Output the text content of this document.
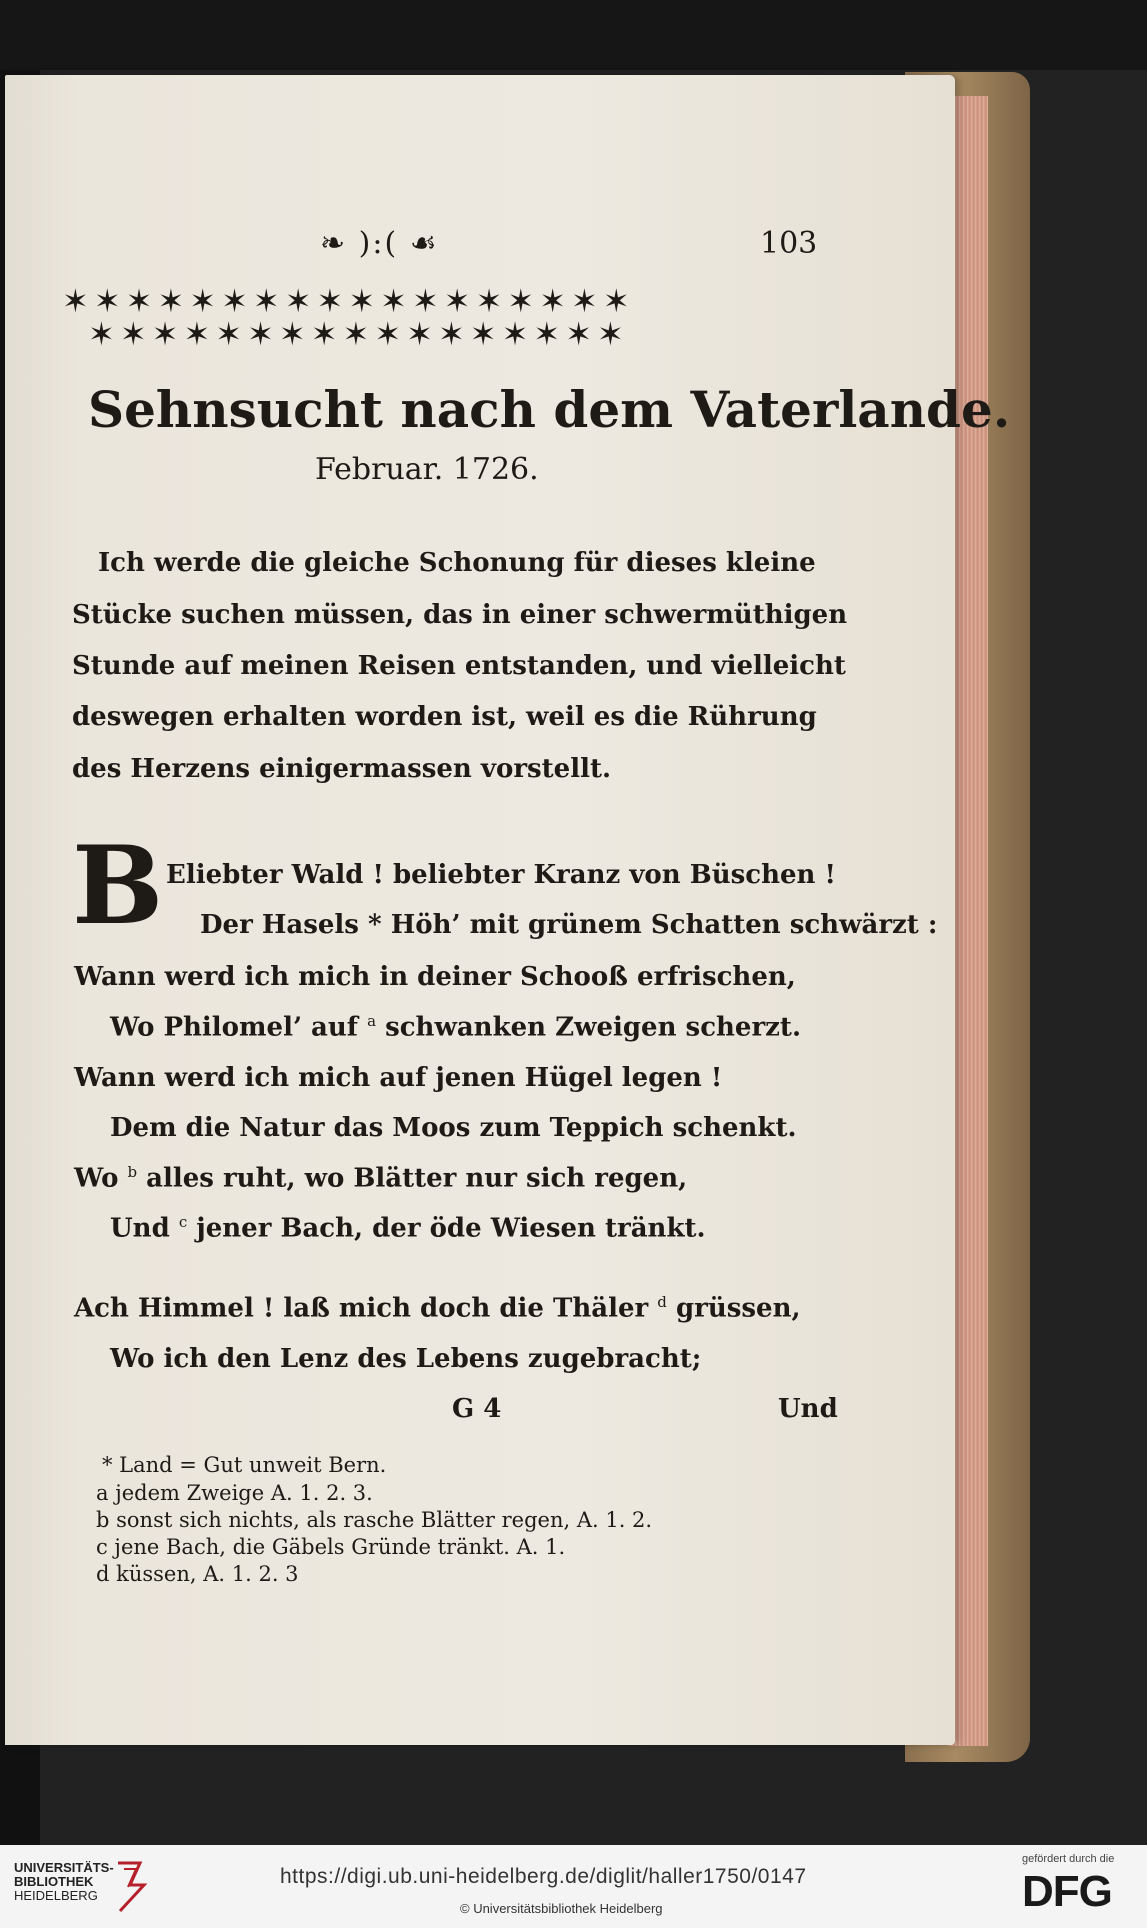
❧ ):( ☙	103
✶✶✶✶✶✶✶✶✶✶✶✶✶✶✶✶✶✶
✶✶✶✶✶✶✶✶✶✶✶✶✶✶✶✶✶
Sehnsucht nach dem Vaterlande.
Februar. 1726.
Ich werde die gleiche Schonung für dieses kleine
Stücke suchen müssen, das in einer schwermüthigen
Stunde auf meinen Reisen entstanden, und vielleicht
deswegen erhalten worden ist, weil es die Rührung
des Herzens einigermassen vorstellt.
B Eliebter Wald ! beliebter Kranz von Büschen !
Der Hasels * Höh’ mit grünem Schatten schwärzt :
Wann werd ich mich in deiner Schooß erfrischen,
Wo Philomel’ auf $^a$ schwanken Zweigen scherzt.
Wann werd ich mich auf jenen Hügel legen !
Dem die Natur das Moos zum Teppich schenkt.
Wo $^b$ alles ruht, wo Blätter nur sich regen,
Und $^c$ jener Bach, der öde Wiesen tränkt.
Ach Himmel ! laß mich doch die Thäler $^d$ grüssen,
Wo ich den Lenz des Lebens zugebracht;
G 4	Und
* Land = Gut unweit Bern.
a jedem Zweige A. 1. 2. 3.
b sonst sich nichts, als rasche Blätter regen, A. 1. 2.
c jene Bach, die Gäbels Gründe tränkt. A. 1.
d küssen, A. 1. 2. 3
UNIVERSITÄTS-
BIBLIOTHEK
HEIDELBERG
https://digi.ub.uni-heidelberg.de/diglit/haller1750/0147
© Universitätsbibliothek Heidelberg
gefördert durch die
DFG
